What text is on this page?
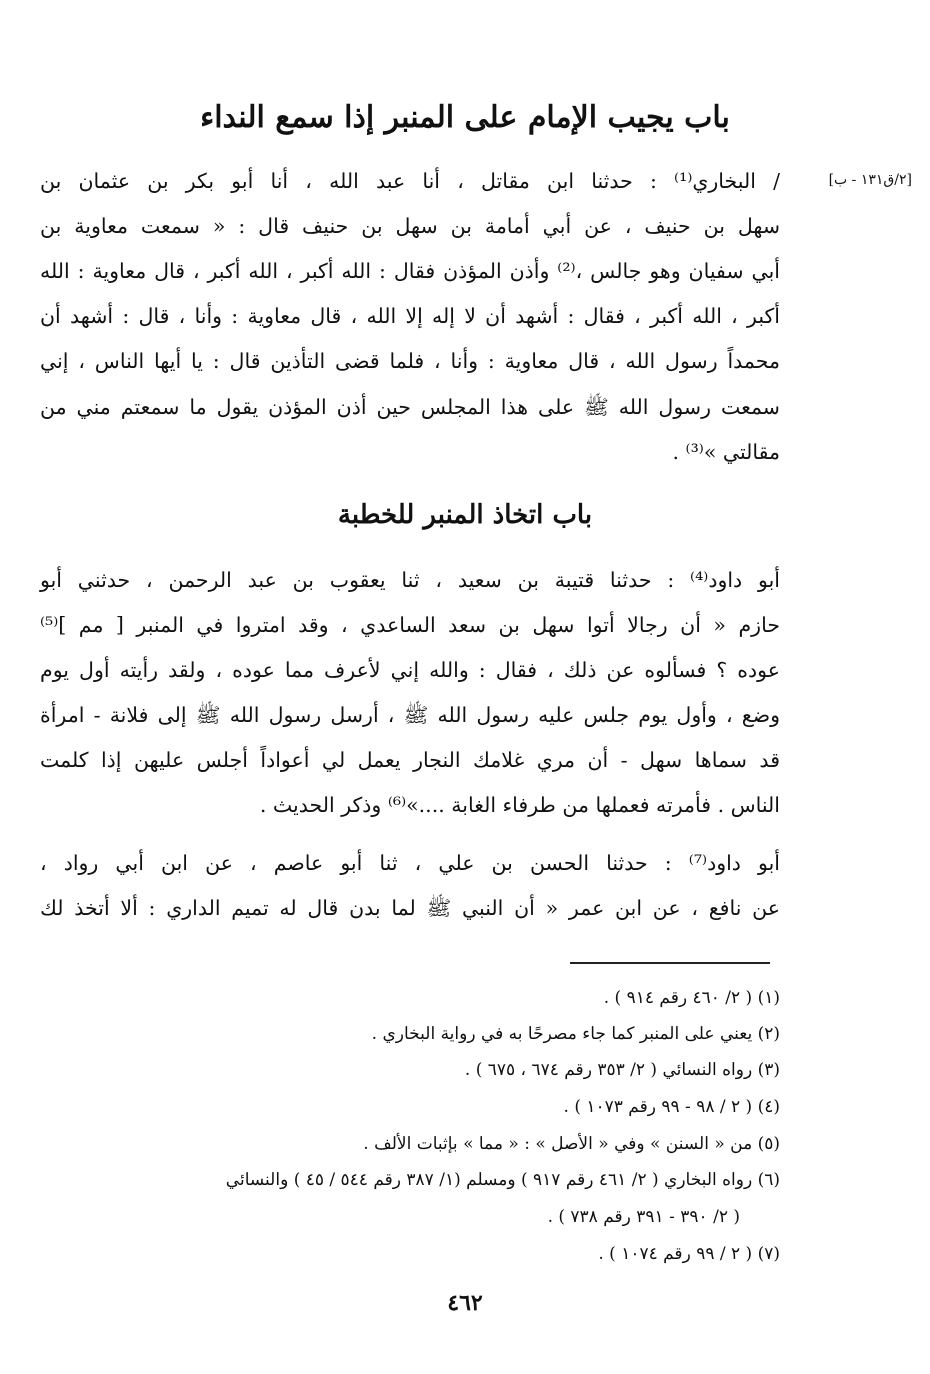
باب يجيب الإمام على المنبر إذا سمع النداء
[٢/ق١٣١ - ب]
/ البخاري⁽¹⁾ : حدثنا ابن مقاتل ، أنا عبد الله ، أنا أبو بكر بن عثمان بن
سهل بن حنيف ، عن أبي أمامة بن سهل بن حنيف قال : « سمعت معاوية بن
أبي سفيان وهو جالس ،⁽²⁾ وأذن المؤذن فقال : الله أكبر ، الله أكبر ، قال معاوية : الله
أكبر ، الله أكبر ، فقال : أشهد أن لا إله إلا الله ، قال معاوية : وأنا ، قال : أشهد أن
محمداً رسول الله ، قال معاوية : وأنا ، فلما قضى التأذين قال : يا أيها الناس ، إني
سمعت رسول الله ﷺ على هذا المجلس حين أذن المؤذن يقول ما سمعتم مني من
مقالتي »⁽³⁾ .
باب اتخاذ المنبر للخطبة
أبو داود⁽⁴⁾ : حدثنا قتيبة بن سعيد ، ثنا يعقوب بن عبد الرحمن ، حدثني أبو
حازم « أن رجالا أتوا سهل بن سعد الساعدي ، وقد امتروا في المنبر [ مم ]⁽⁵⁾
عوده ؟ فسألوه عن ذلك ، فقال : والله إني لأعرف مما عوده ، ولقد رأيته أول يوم
وضع ، وأول يوم جلس عليه رسول الله ﷺ ، أرسل رسول الله ﷺ إلى فلانة - امرأة
قد سماها سهل - أن مري غلامك النجار يعمل لي أعواداً أجلس عليهن إذا كلمت
الناس . فأمرته فعملها من طرفاء الغابة ....»⁽⁶⁾ وذكر الحديث .
أبو داود⁽⁷⁾ : حدثنا الحسن بن علي ، ثنا أبو عاصم ، عن ابن أبي رواد ،
عن نافع ، عن ابن عمر « أن النبي ﷺ لما بدن قال له تميم الداري : ألا أتخذ لك
(١) ( ٢/ ٤٦٠ رقم ٩١٤ ) .
(٢) يعني على المنبر كما جاء مصرحًا به في رواية البخاري .
(٣) رواه النسائي ( ٢/ ٣٥٣ رقم ٦٧٤ ، ٦٧٥ ) .
(٤) ( ٢ / ٩٨ - ٩٩ رقم ١٠٧٣ ) .
(٥) من « السنن » وفي « الأصل » : « مما » بإثبات الألف .
(٦) رواه البخاري ( ٢/ ٤٦١ رقم ٩١٧ ) ومسلم (١/ ٣٨٧ رقم ٥٤٤ / ٤٥ ) والنسائي
( ٢/ ٣٩٠ - ٣٩١ رقم ٧٣٨ ) .
(٧) ( ٢ / ٩٩ رقم ١٠٧٤ ) .
٤٦٢
